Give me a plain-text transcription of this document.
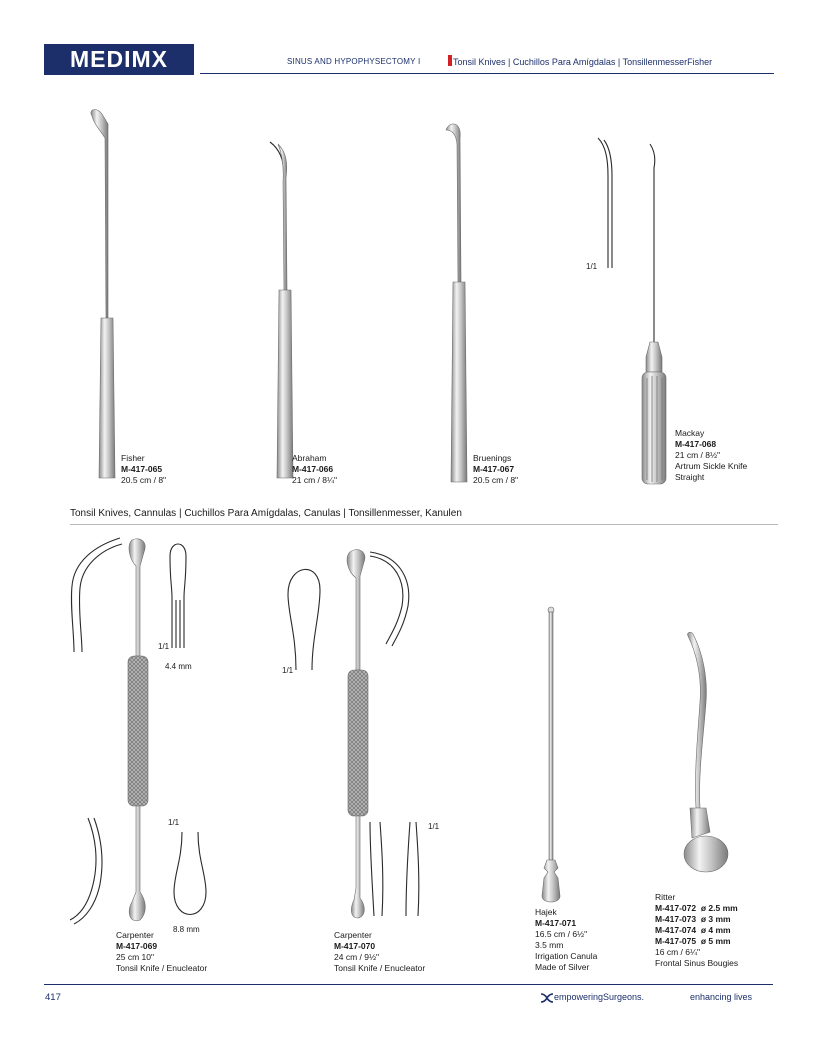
MEDIMX	SINUS AND HYPOPHYSECTOMY I	Tonsil Knives | Cuchillos Para Amígdalas | TonsillenmesserFisher
Fisher
M-417-065
20.5 cm / 8"
Abraham
M-417-066
21 cm / 8¼"
Bruenings
M-417-067
20.5 cm / 8"
1/1
Mackay
M-417-068
21 cm / 8½"
Artrum Sickle Knife
Straight
Tonsil Knives, Cannulas | Cuchillos Para Amígdalas, Canulas | Tonsillenmesser, Kanulen
1/1
4.4 mm
1/1
8.8 mm
Carpenter
M-417-069
25 cm 10"
Tonsil Knife / Enucleator
1/1
1/1
Carpenter
M-417-070
24 cm / 9½"
Tonsil Knife / Enucleator
Hajek
M-417-071
16.5 cm / 6½"
3.5 mm
Irrigation Canula
Made of Silver
Ritter
M-417-072 ø 2.5 mm
M-417-073 ø 3 mm
M-417-074 ø 4 mm
M-417-075 ø 5 mm
16 cm / 6¼"
Frontal Sinus Bougies
417	empoweringSurgeons.	enhancing lives
